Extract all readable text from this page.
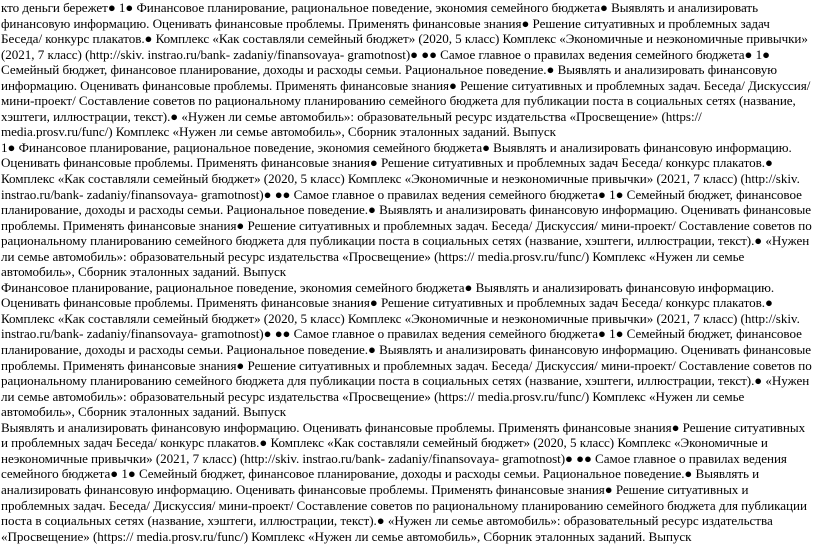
кто деньги бережет● 1● Финансовое планирование, рациональное поведение, экономия семейного бюджета● Выявлять и анализировать финансовую информацию. Оценивать финансовые проблемы. Применять финансовые знания● Решение ситуативных и проблемных задач Беседа/ конкурс плакатов.● Комплекс «Как составляли семейный бюджет» (2020, 5 класс) Комплекс «Экономичные и неэкономичные привычки» (2021, 7 класс) (http://skiv. instrao.ru/bank- zadaniy/finansovaya- gramotnost)● ●● Самое главное о правилах ведения семейного бюджета● 1● Семейный бюджет, финансовое планирование, доходы и расходы семьи. Рациональное поведение.● Выявлять и анализировать финансовую информацию. Оценивать финансовые проблемы. Применять финансовые знания● Решение ситуативных и проблемных задач. Беседа/ Дискуссия/ мини-проект/ Составление советов по рациональному планированию семейного бюджета для публикации поста в социальных сетях (название, хэштеги, иллюстрации, текст).● «Нужен ли семье автомобиль»: образовательный ресурс издательства «Просвещение» (https:// media.prosv.ru/func/) Комплекс «Нужен ли семье автомобиль», Сборник эталонных заданий. Выпуск

1● Финансовое планирование, рациональное поведение, экономия семейного бюджета● Выявлять и анализировать финансовую информацию. Оценивать финансовые проблемы. Применять финансовые знания● Решение ситуативных и проблемных задач Беседа/ конкурс плакатов.● Комплекс «Как составляли семейный бюджет» (2020, 5 класс) Комплекс «Экономичные и неэкономичные привычки» (2021, 7 класс) (http://skiv. instrao.ru/bank- zadaniy/finansovaya- gramotnost)● ●● Самое главное о правилах ведения семейного бюджета● 1● Семейный бюджет, финансовое планирование, доходы и расходы семьи. Рациональное поведение.● Выявлять и анализировать финансовую информацию. Оценивать финансовые проблемы. Применять финансовые знания● Решение ситуативных и проблемных задач. Беседа/ Дискуссия/ мини-проект/ Составление советов по рациональному планированию семейного бюджета для публикации поста в социальных сетях (название, хэштеги, иллюстрации, текст).● «Нужен ли семье автомобиль»: образовательный ресурс издательства «Просвещение» (https:// media.prosv.ru/func/) Комплекс «Нужен ли семье автомобиль», Сборник эталонных заданий. Выпуск

Финансовое планирование, рациональное поведение, экономия семейного бюджета● Выявлять и анализировать финансовую информацию. Оценивать финансовые проблемы. Применять финансовые знания● Решение ситуативных и проблемных задач Беседа/ конкурс плакатов.● Комплекс «Как составляли семейный бюджет» (2020, 5 класс) Комплекс «Экономичные и неэкономичные привычки» (2021, 7 класс) (http://skiv. instrao.ru/bank- zadaniy/finansovaya- gramotnost)● ●● Самое главное о правилах ведения семейного бюджета● 1● Семейный бюджет, финансовое планирование, доходы и расходы семьи. Рациональное поведение.● Выявлять и анализировать финансовую информацию. Оценивать финансовые проблемы. Применять финансовые знания● Решение ситуативных и проблемных задач. Беседа/ Дискуссия/ мини-проект/ Составление советов по рациональному планированию семейного бюджета для публикации поста в социальных сетях (название, хэштеги, иллюстрации, текст).● «Нужен ли семье автомобиль»: образовательный ресурс издательства «Просвещение» (https:// media.prosv.ru/func/) Комплекс «Нужен ли семье автомобиль», Сборник эталонных заданий. Выпуск

Выявлять и анализировать финансовую информацию. Оценивать финансовые проблемы. Применять финансовые знания● Решение ситуативных и проблемных задач Беседа/ конкурс плакатов.● Комплекс «Как составляли семейный бюджет» (2020, 5 класс) Комплекс «Экономичные и неэкономичные привычки» (2021, 7 класс) (http://skiv. instrao.ru/bank- zadaniy/finansovaya- gramotnost)● ●● Самое главное о правилах ведения семейного бюджета● 1● Семейный бюджет, финансовое планирование, доходы и расходы семьи. Рациональное поведение.● Выявлять и анализировать финансовую информацию. Оценивать финансовые проблемы. Применять финансовые знания● Решение ситуативных и проблемных задач. Беседа/ Дискуссия/ мини-проект/ Составление советов по рациональному планированию семейного бюджета для публикации поста в социальных сетях (название, хэштеги, иллюстрации, текст).● «Нужен ли семье автомобиль»: образовательный ресурс издательства «Просвещение» (https:// media.prosv.ru/func/) Комплекс «Нужен ли семье автомобиль», Сборник эталонных заданий. Выпуск
